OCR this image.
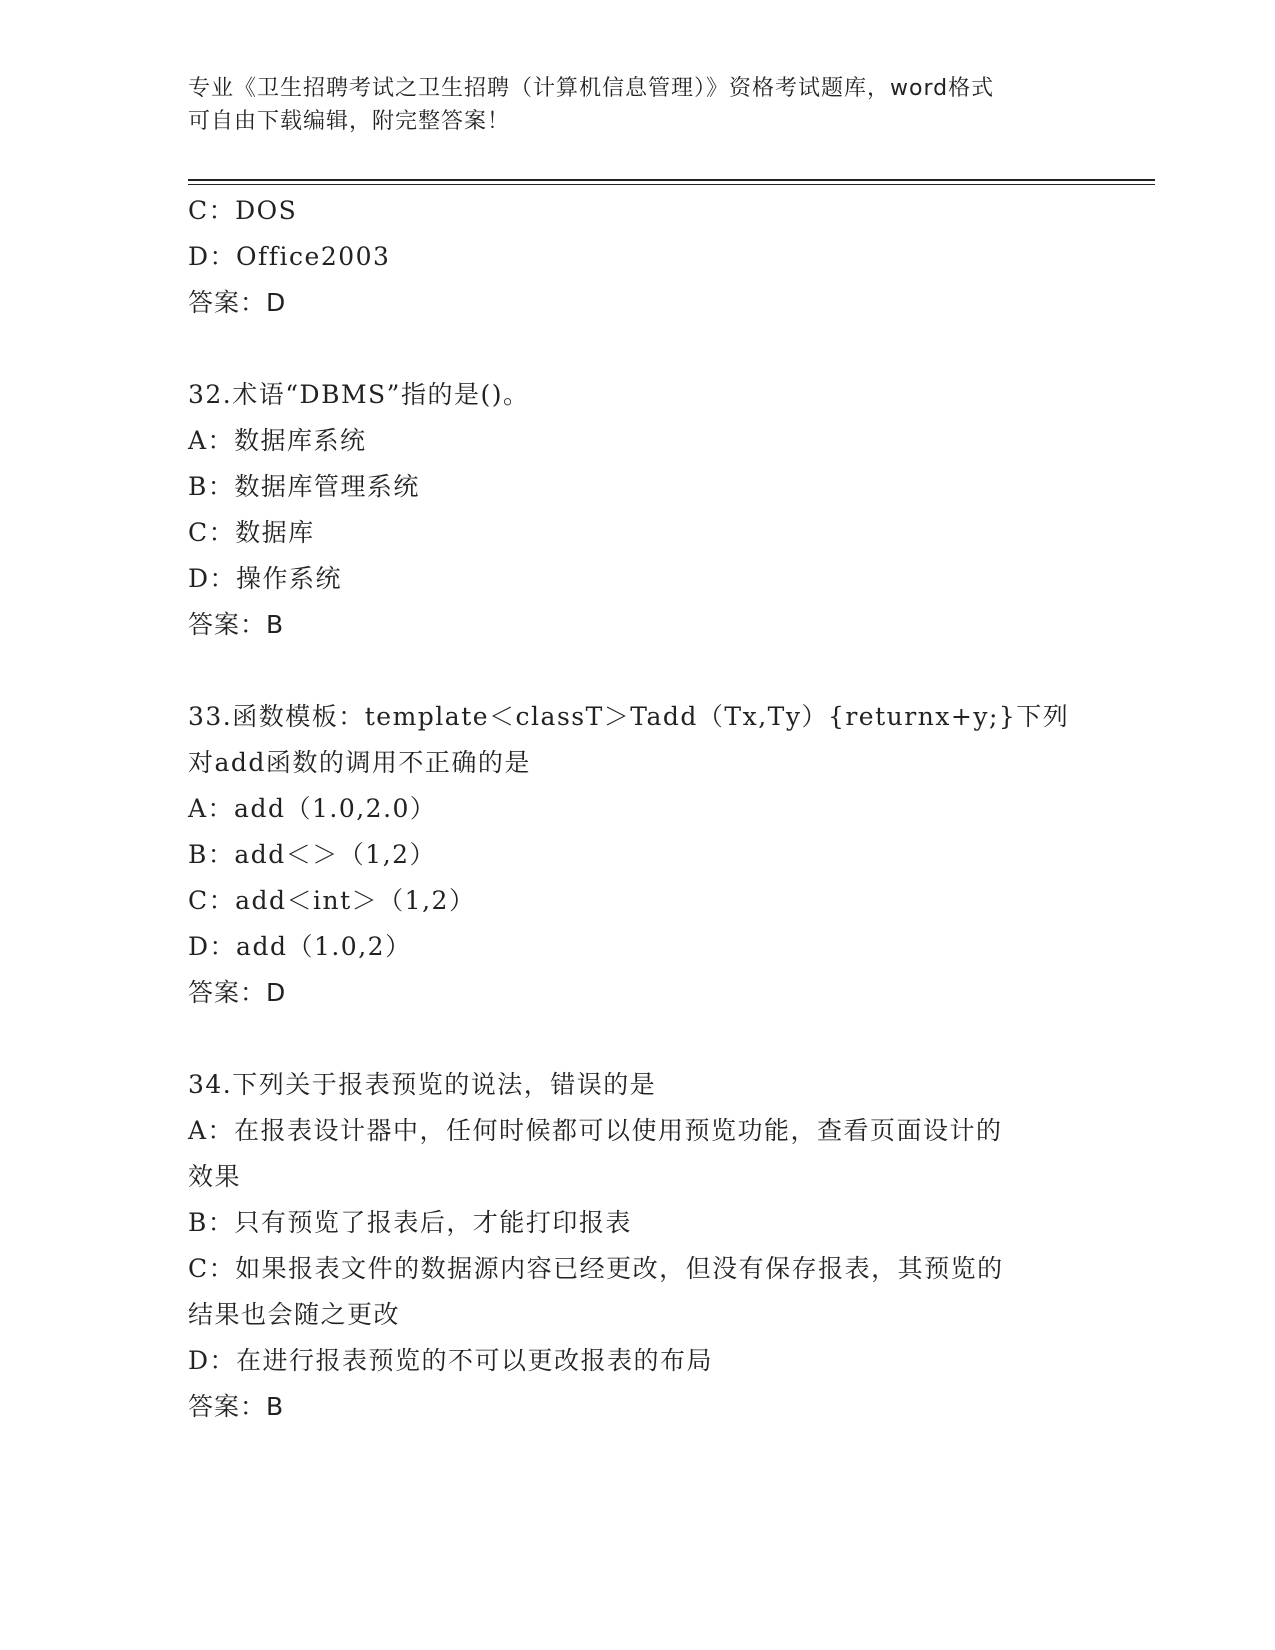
专业《卫生招聘考试之卫生招聘（计算机信息管理）》资格考试题库，word格式
可自由下载编辑，附完整答案！
C：DOS
D：Office2003
答案：D
32.术语“DBMS”指的是()。
A：数据库系统
B：数据库管理系统
C：数据库
D：操作系统
答案：B
33.函数模板：template＜classT＞Tadd（Tx,Ty）{returnx+y;}下列
对add函数的调用不正确的是
A：add（1.0,2.0）
B：add＜＞（1,2）
C：add＜int＞（1,2）
D：add（1.0,2）
答案：D
34.下列关于报表预览的说法，错误的是
A：在报表设计器中，任何时候都可以使用预览功能，查看页面设计的
效果
B：只有预览了报表后，才能打印报表
C：如果报表文件的数据源内容已经更改，但没有保存报表，其预览的
结果也会随之更改
D：在进行报表预览的不可以更改报表的布局
答案：B
